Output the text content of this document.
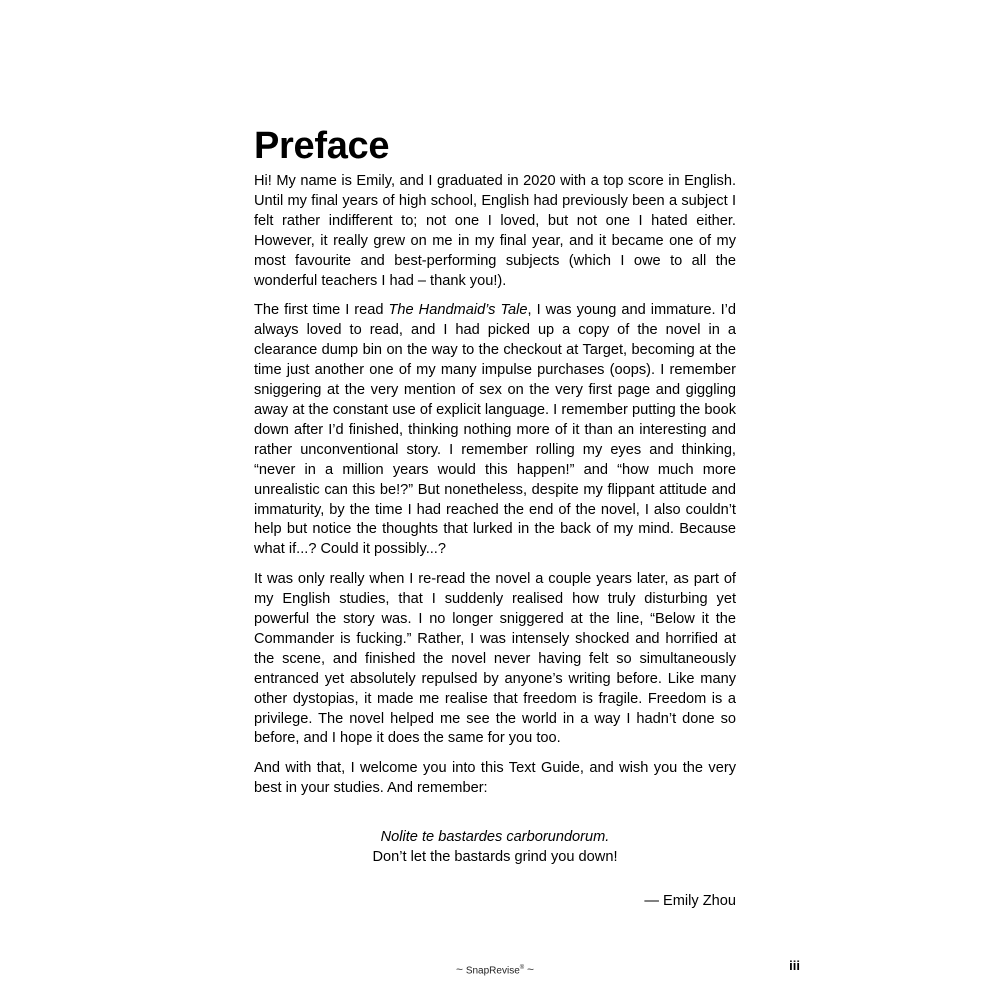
Preface

Hi! My name is Emily, and I graduated in 2020 with a top score in English. Until my final years of high school, English had previously been a subject I felt rather indifferent to; not one I loved, but not one I hated either. However, it really grew on me in my final year, and it became one of my most favourite and best-performing subjects (which I owe to all the wonderful teachers I had – thank you!).

The first time I read The Handmaid’s Tale, I was young and immature. I’d always loved to read, and I had picked up a copy of the novel in a clearance dump bin on the way to the checkout at Target, becoming at the time just another one of my many impulse purchases (oops). I remember sniggering at the very mention of sex on the very first page and giggling away at the constant use of explicit language. I remember putting the book down after I’d finished, thinking nothing more of it than an interesting and rather unconventional story. I remember rolling my eyes and thinking, “never in a million years would this happen!” and “how much more unrealistic can this be!?” But nonetheless, despite my flippant attitude and immaturity, by the time I had reached the end of the novel, I also couldn’t help but notice the thoughts that lurked in the back of my mind. Because what if...? Could it possibly...?

It was only really when I re-read the novel a couple years later, as part of my English studies, that I suddenly realised how truly disturbing yet powerful the story was. I no longer sniggered at the line, “Below it the Commander is fucking.” Rather, I was intensely shocked and horrified at the scene, and finished the novel never having felt so simultaneously entranced yet absolutely repulsed by anyone’s writing before. Like many other dystopias, it made me realise that freedom is fragile. Freedom is a privilege. The novel helped me see the world in a way I hadn’t done so before, and I hope it does the same for you too.

And with that, I welcome you into this Text Guide, and wish you the very best in your studies. And remember:

Nolite te bastardes carborundorum.
Don’t let the bastards grind you down!
— Emily Zhou
~ SnapRevise® ~	iii
